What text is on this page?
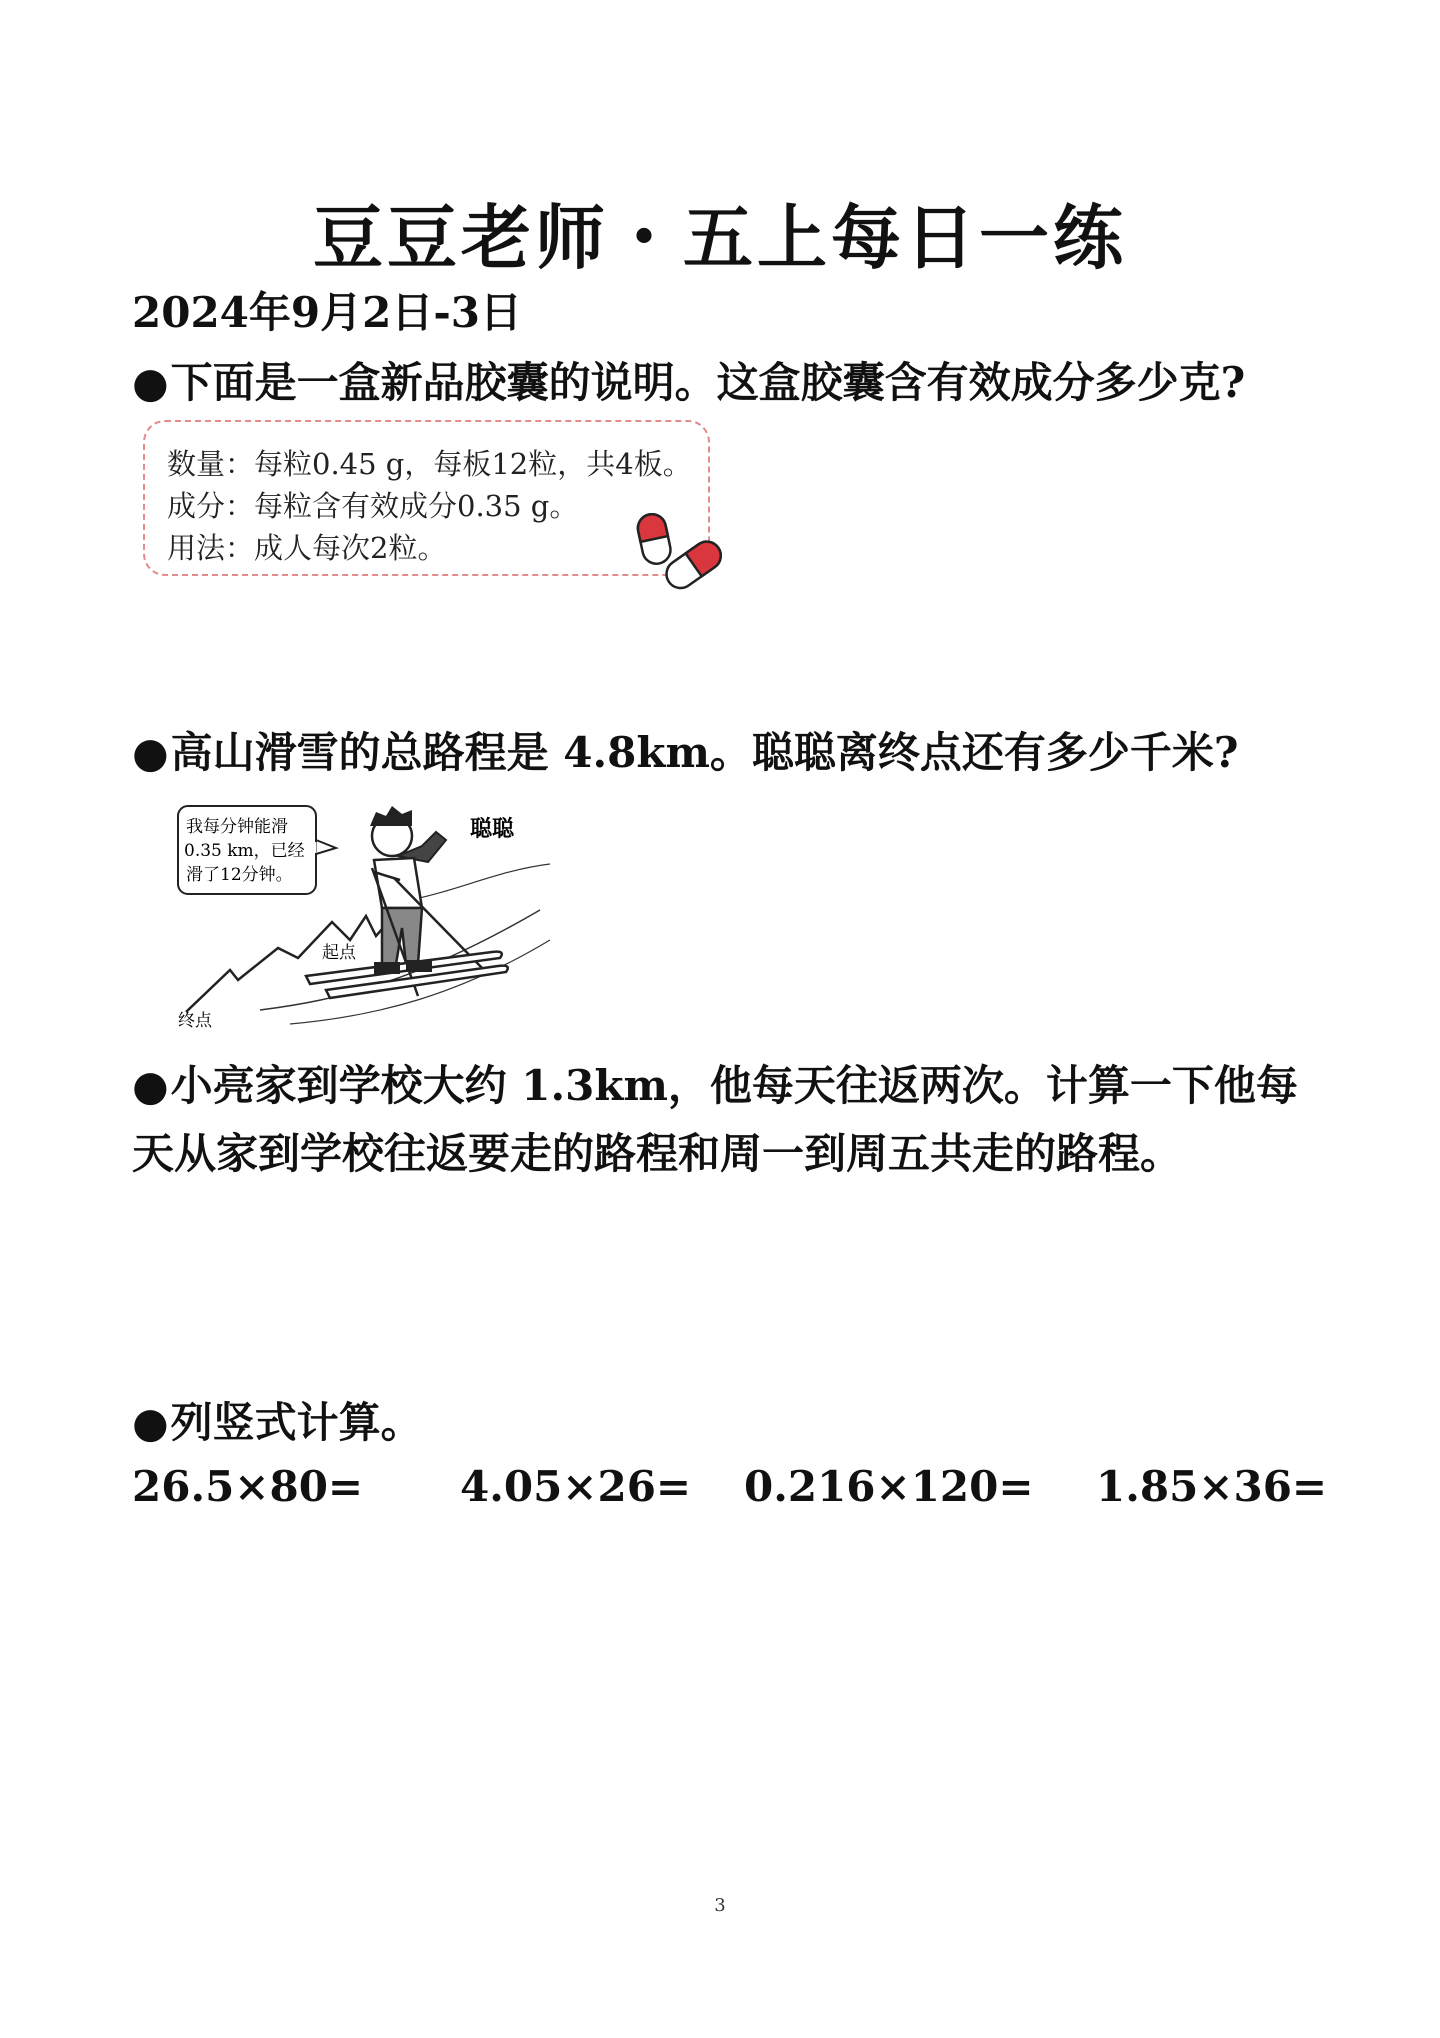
豆豆老师・五上每日一练
2024年9月2日-3日
●下面是一盒新品胶囊的说明。这盒胶囊含有效成分多少克?
数量：每粒0.45 g，每板12粒，共4板。
成分：每粒含有效成分0.35 g。
用法：成人每次2粒。
●高山滑雪的总路程是 4.8km。聪聪离终点还有多少千米?
我每分钟能滑
0.35 km，已经
滑了12分钟。
聪聪
起点
终点
●小亮家到学校大约 1.3km，他每天往返两次。计算一下他每天从家到学校往返要走的路程和周一到周五共走的路程。
●列竖式计算。
26.5×80= 4.05×26= 0.216×120= 1.85×36=
3
